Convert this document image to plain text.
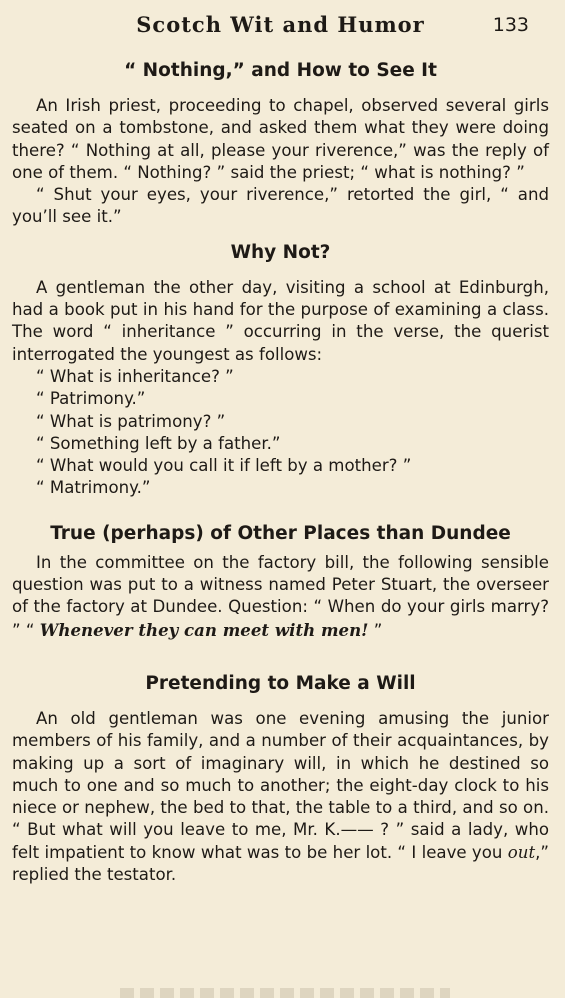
Scotch Wit and Humor	133
“ Nothing,” and How to See It

An Irish priest, proceeding to chapel, observed several girls seated on a tombstone, and asked them what they were doing there? “ Nothing at all, please your riverence,” was the reply of one of them. “ Nothing? ” said the priest; “ what is nothing? ”

“ Shut your eyes, your riverence,” retorted the girl, “ and you’ll see it.”

Why Not?

A gentleman the other day, visiting a school at Edinburgh, had a book put in his hand for the purpose of examining a class. The word “ inheritance ” occurring in the verse, the querist interrogated the youngest as follows:

“ What is inheritance? ”
“ Patrimony.”
“ What is patrimony? ”
“ Something left by a father.”
“ What would you call it if left by a mother? ”
“ Matrimony.”

True (perhaps) of Other Places than Dundee

In the committee on the factory bill, the following sensible question was put to a witness named Peter Stuart, the overseer of the factory at Dundee. Question: “ When do your girls marry? ” “ Whenever they can meet with men! ”

Pretending to Make a Will

An old gentleman was one evening amusing the junior members of his family, and a number of their acquaintances, by making up a sort of imaginary will, in which he destined so much to one and so much to another; the eight-day clock to his niece or nephew, the bed to that, the table to a third, and so on. “ But what will you leave to me, Mr. K.—— ? ” said a lady, who felt impatient to know what was to be her lot. “ I leave you out,” replied the testator.
